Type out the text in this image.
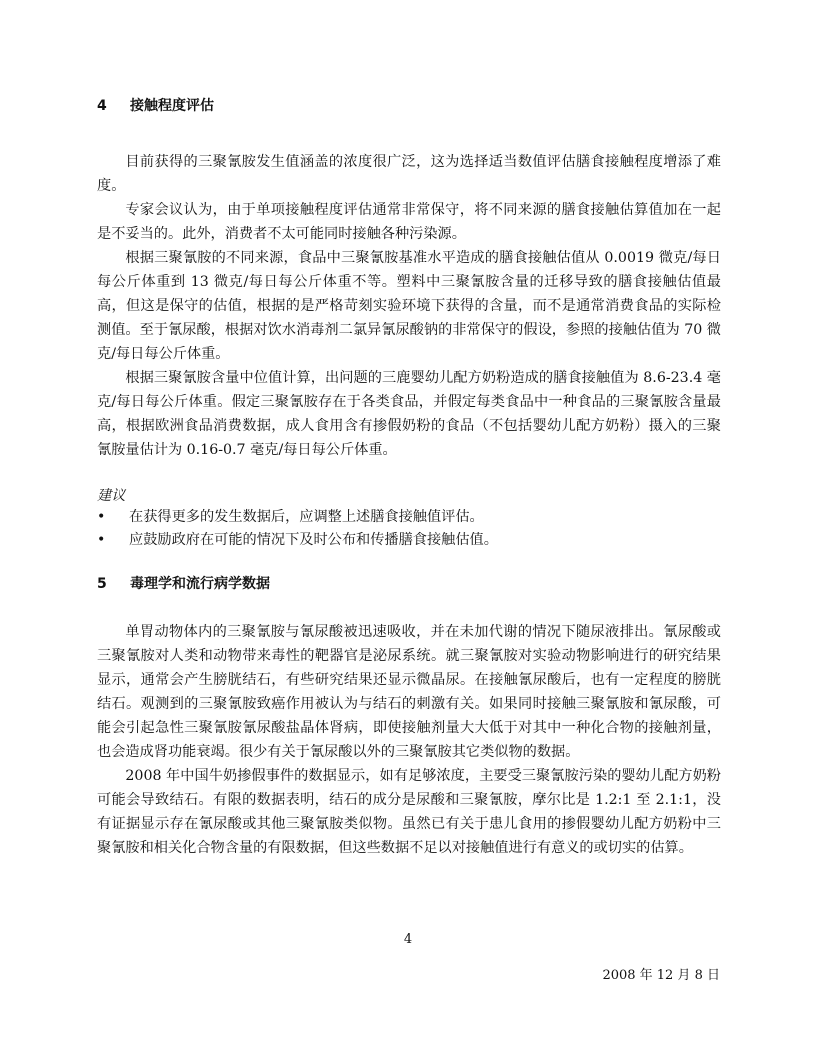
4 接触程度评估

目前获得的三聚氰胺发生值涵盖的浓度很广泛，这为选择适当数值评估膳食接触程度增添了难度。

专家会议认为，由于单项接触程度评估通常非常保守，将不同来源的膳食接触估算值加在一起是不妥当的。此外，消费者不太可能同时接触各种污染源。

根据三聚氰胺的不同来源，食品中三聚氰胺基准水平造成的膳食接触估值从 0.0019 微克/每日每公斤体重到 13 微克/每日每公斤体重不等。塑料中三聚氰胺含量的迁移导致的膳食接触估值最高，但这是保守的估值，根据的是严格苛刻实验环境下获得的含量，而不是通常消费食品的实际检测值。至于氰尿酸，根据对饮水消毒剂二氯异氰尿酸钠的非常保守的假设，参照的接触估值为 70 微克/每日每公斤体重。

根据三聚氰胺含量中位值计算，出问题的三鹿婴幼儿配方奶粉造成的膳食接触值为 8.6-23.4 毫克/每日每公斤体重。假定三聚氰胺存在于各类食品，并假定每类食品中一种食品的三聚氰胺含量最高，根据欧洲食品消费数据，成人食用含有掺假奶粉的食品（不包括婴幼儿配方奶粉）摄入的三聚氰胺量估计为 0.16-0.7 毫克/每日每公斤体重。

建议
• 在获得更多的发生数据后，应调整上述膳食接触值评估。
• 应鼓励政府在可能的情况下及时公布和传播膳食接触估值。
5 毒理学和流行病学数据

单胃动物体内的三聚氰胺与氰尿酸被迅速吸收，并在未加代谢的情况下随尿液排出。氰尿酸或三聚氰胺对人类和动物带来毒性的靶器官是泌尿系统。就三聚氰胺对实验动物影响进行的研究结果显示，通常会产生膀胱结石，有些研究结果还显示微晶尿。在接触氰尿酸后，也有一定程度的膀胱结石。观测到的三聚氰胺致癌作用被认为与结石的刺激有关。如果同时接触三聚氰胺和氰尿酸，可能会引起急性三聚氰胺氰尿酸盐晶体肾病，即使接触剂量大大低于对其中一种化合物的接触剂量，也会造成肾功能衰竭。很少有关于氰尿酸以外的三聚氰胺其它类似物的数据。

2008 年中国牛奶掺假事件的数据显示，如有足够浓度，主要受三聚氰胺污染的婴幼儿配方奶粉可能会导致结石。有限的数据表明，结石的成分是尿酸和三聚氰胺，摩尔比是 1.2:1 至 2.1:1，没有证据显示存在氰尿酸或其他三聚氰胺类似物。虽然已有关于患儿食用的掺假婴幼儿配方奶粉中三聚氰胺和相关化合物含量的有限数据，但这些数据不足以对接触值进行有意义的或切实的估算。

4
2008 年 12 月 8 日
